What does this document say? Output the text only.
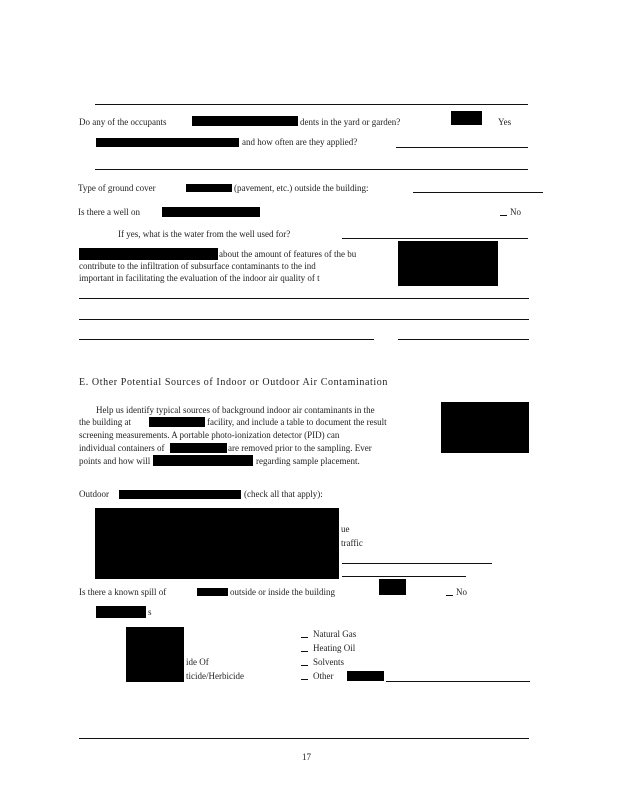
Do any of the occupants	dents in the yard or garden?	Yes
and how often are they applied?
Type of ground cover	(pavement, etc.) outside the building:
Is there a well on	No
If yes, what is the water from the well used for?
about the amount of features of the bu
contribute to the infiltration of subsurface contaminants to the ind
important in facilitating the evaluation of the indoor air quality of t
E. Other Potential Sources of Indoor or Outdoor Air Contamination
Help us identify typical sources of background indoor air contaminants in the
the building at	facility, and include a table to document the result
screening measurements. A portable photo-ionization detector (PID) can
individual containers of	are removed prior to the sampling. Ever
points and how will	regarding sample placement.
Outdoor	(check all that apply):
ue
traffic
Is there a known spill of	outside or inside the building	No
s
ide Of
ticide/Herbicide
Natural Gas
Heating Oil
Solvents
Other
17
